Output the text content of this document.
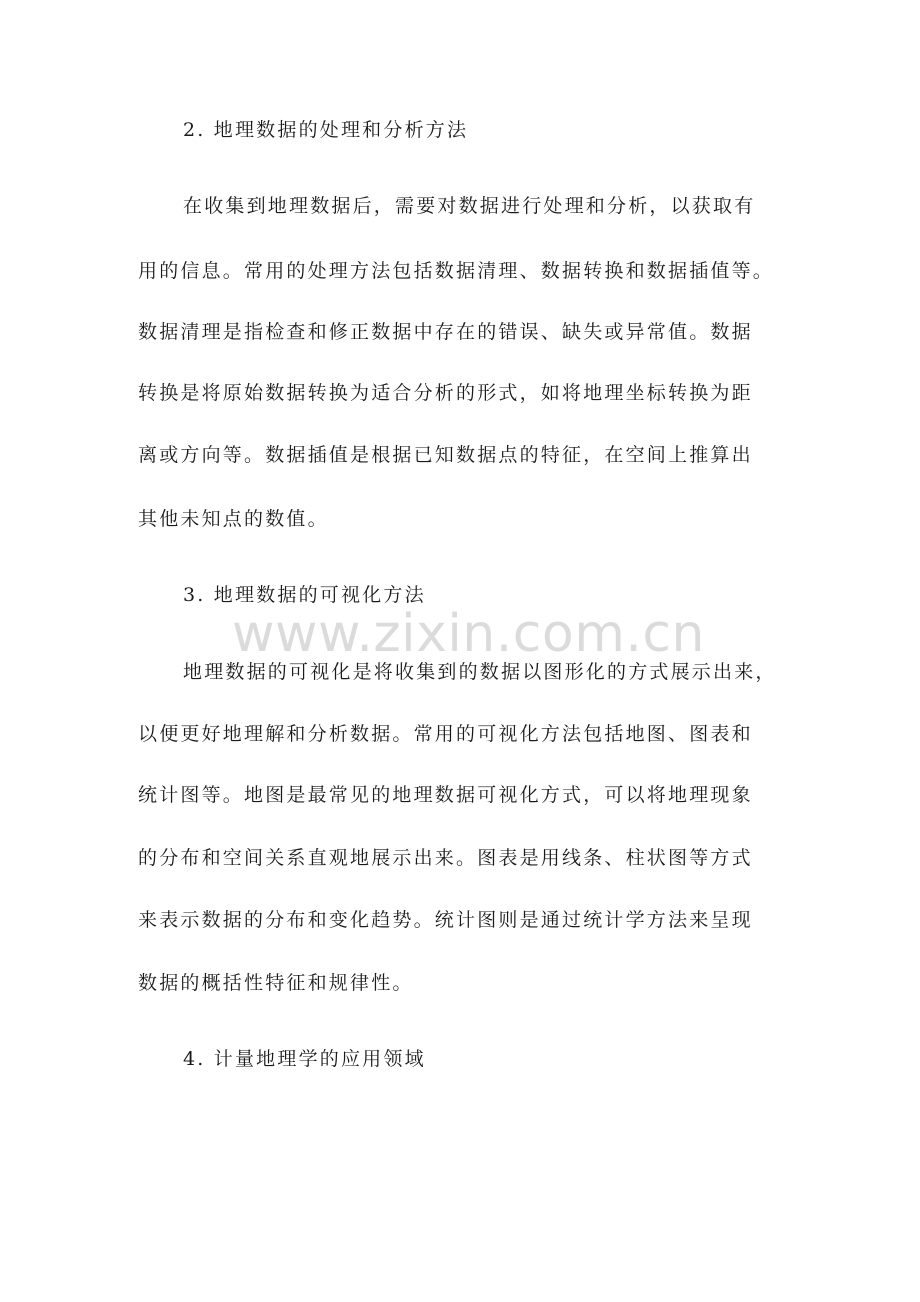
2. 地理数据的处理和分析方法
在收集到地理数据后，需要对数据进行处理和分析，以获取有
用的信息。常用的处理方法包括数据清理、数据转换和数据插值等。
数据清理是指检查和修正数据中存在的错误、缺失或异常值。数据
转换是将原始数据转换为适合分析的形式，如将地理坐标转换为距
离或方向等。数据插值是根据已知数据点的特征，在空间上推算出
其他未知点的数值。
3. 地理数据的可视化方法
地理数据的可视化是将收集到的数据以图形化的方式展示出来，
以便更好地理解和分析数据。常用的可视化方法包括地图、图表和
统计图等。地图是最常见的地理数据可视化方式，可以将地理现象
的分布和空间关系直观地展示出来。图表是用线条、柱状图等方式
来表示数据的分布和变化趋势。统计图则是通过统计学方法来呈现
数据的概括性特征和规律性。
4. 计量地理学的应用领域
www.zixin.com.cn
